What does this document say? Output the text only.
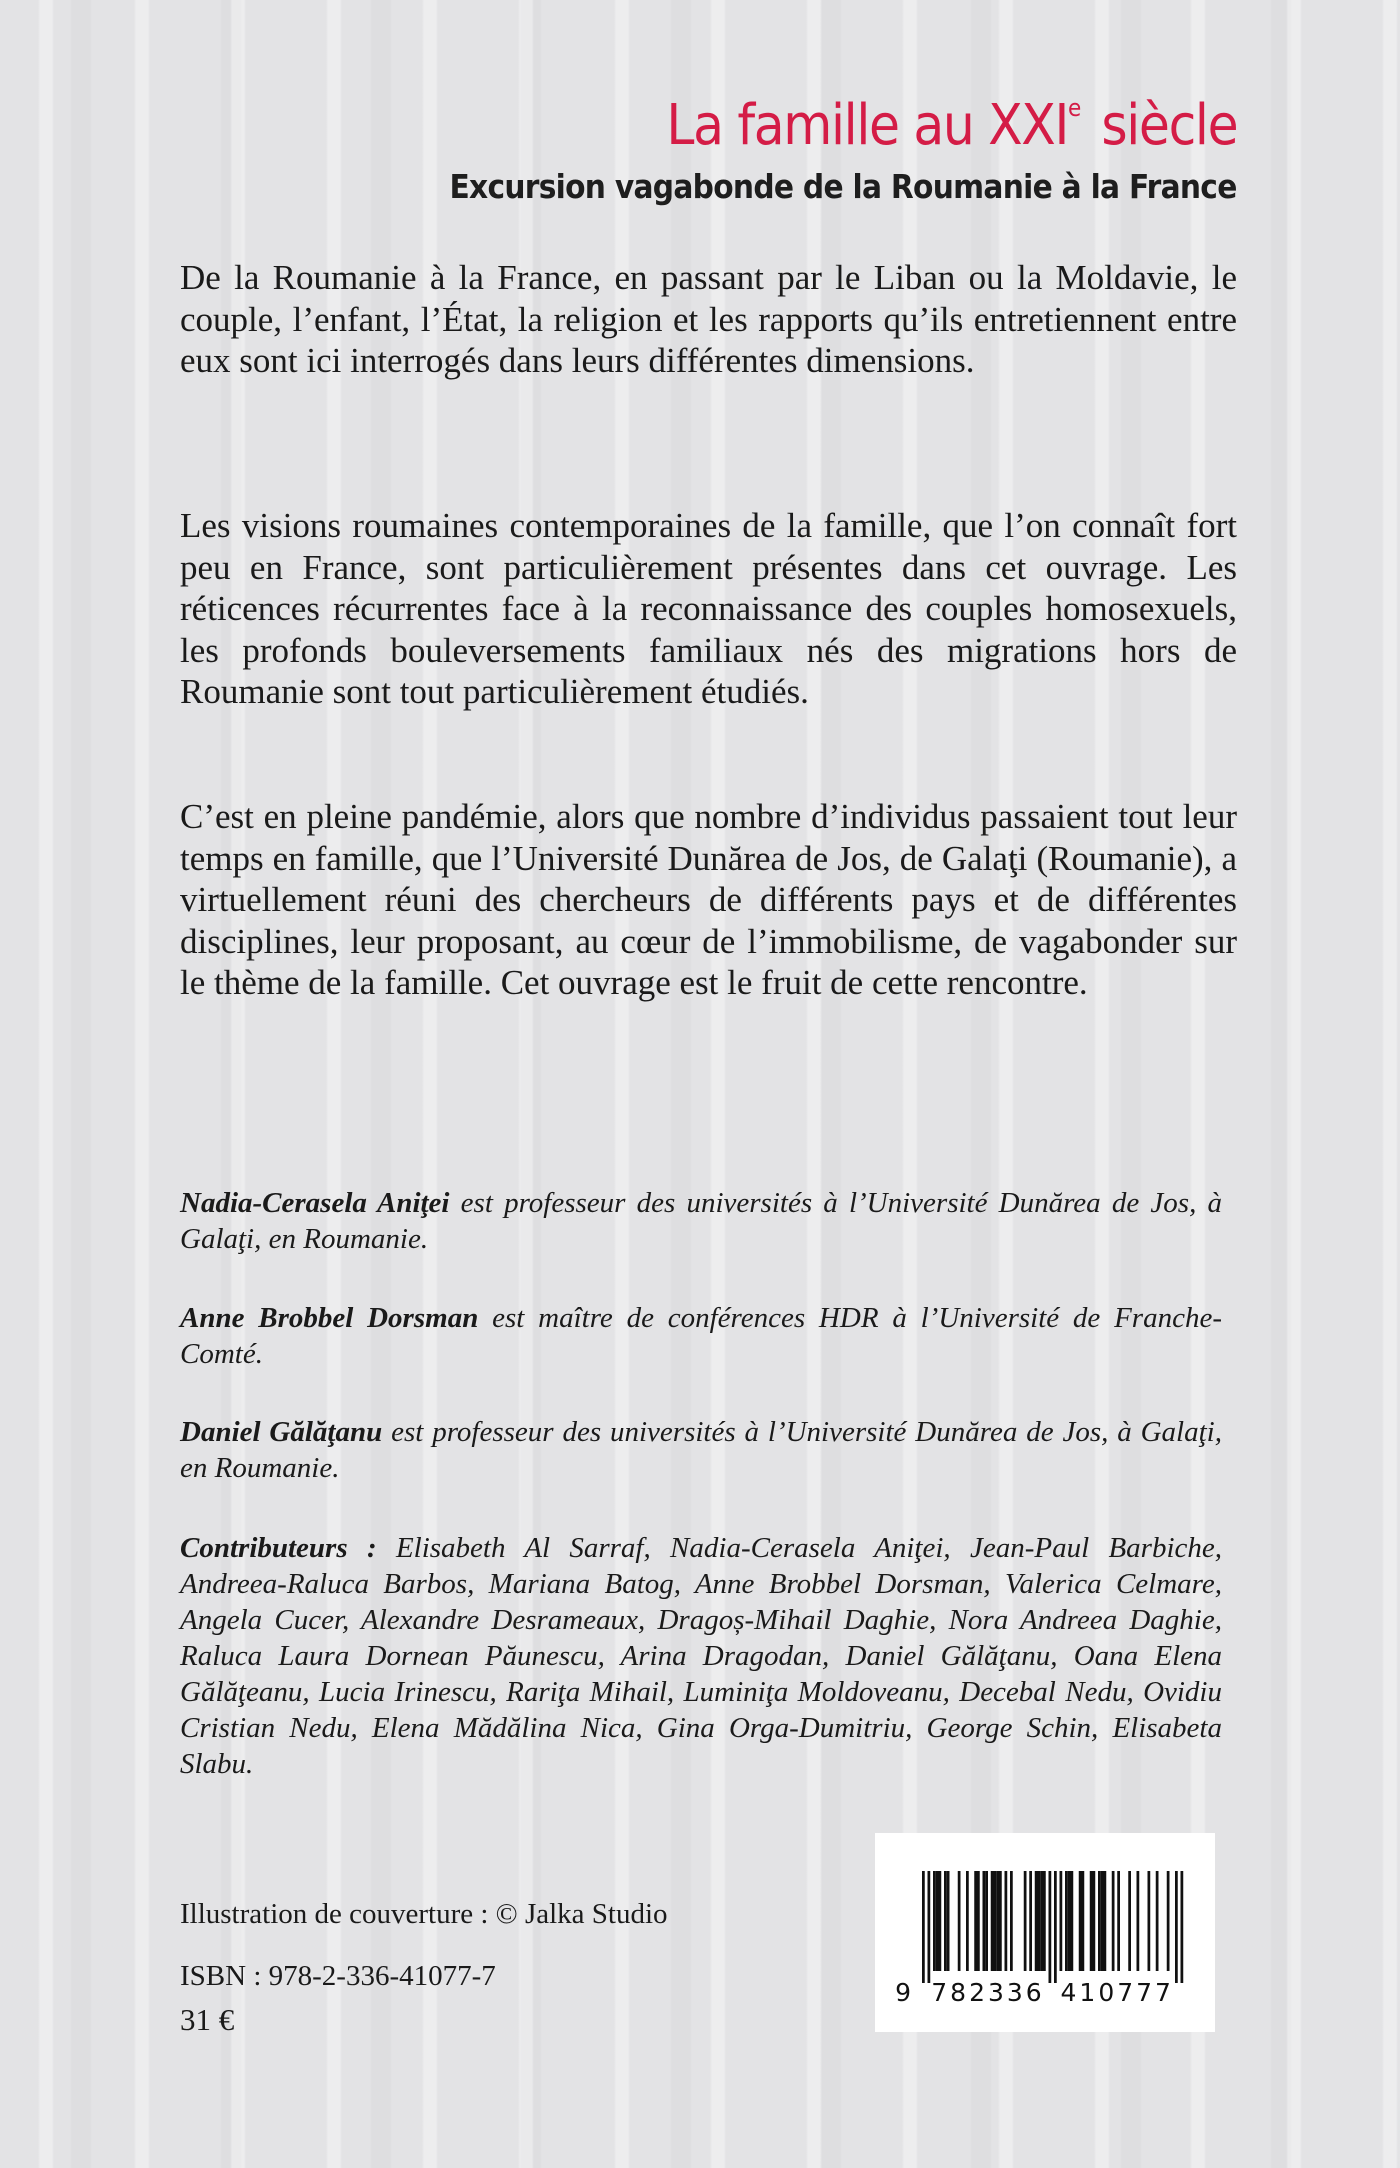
La famille au XXIe siècle
Excursion vagabonde de la Roumanie à la France

De la Roumanie à la France, en passant par le Liban ou la Moldavie, le couple, l’enfant, l’État, la religion et les rapports qu’ils entretiennent entre eux sont ici interrogés dans leurs différentes dimensions.

Les visions roumaines contemporaines de la famille, que l’on connaît fort peu en France, sont particulièrement présentes dans cet ouvrage. Les réticences récurrentes face à la reconnaissance des couples homosexuels, les profonds bouleversements familiaux nés des migrations hors de Roumanie sont tout particulièrement étudiés.

C’est en pleine pandémie, alors que nombre d’individus passaient tout leur temps en famille, que l’Université Dunărea de Jos, de Galaţi (Roumanie), a virtuellement réuni des chercheurs de différents pays et de différentes disciplines, leur proposant, au cœur de l’immobilisme, de vagabonder sur le thème de la famille. Cet ouvrage est le fruit de cette rencontre.

Nadia-Cerasela Aniţei est professeur des universités à l’Université Dunărea de Jos, à Galaţi, en Roumanie.

Anne Brobbel Dorsman est maître de conférences HDR à l’Université de Franche-Comté.

Daniel Gălăţanu est professeur des universités à l’Université Dunărea de Jos, à Galaţi, en Roumanie.

Contributeurs : Elisabeth Al Sarraf, Nadia-Cerasela Aniţei, Jean-Paul Barbiche, Andreea-Raluca Barbos, Mariana Batog, Anne Brobbel Dorsman, Valerica Celmare, Angela Cucer, Alexandre Desrameaux, Dragoș-Mihail Daghie, Nora Andreea Daghie, Raluca Laura Dornean Păunescu, Arina Dragodan, Daniel Gălăţanu, Oana Elena Gălăţeanu, Lucia Irinescu, Rariţa Mihail, Luminiţa Moldoveanu, Decebal Nedu, Ovidiu Cristian Nedu, Elena Mădălina Nica, Gina Orga-Dumitriu, George Schin, Elisabeta Slabu.

Illustration de couverture : © Jalka Studio

ISBN : 978-2-336-41077-7

31 €

9 782336 410777
